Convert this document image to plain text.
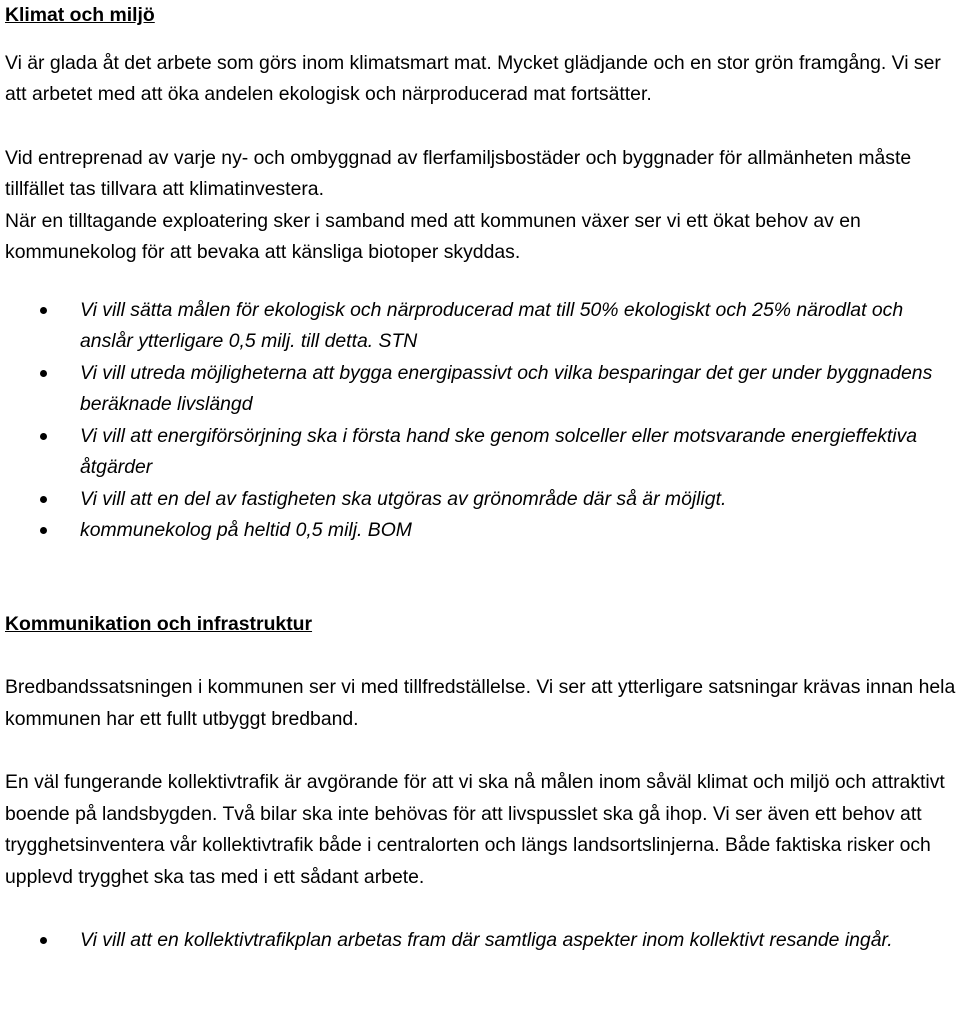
Klimat och miljö

Vi är glada åt det arbete som görs inom klimatsmart mat. Mycket glädjande och en stor grön framgång. Vi ser att arbetet med att öka andelen ekologisk och närproducerad mat fortsätter.

Vid entreprenad av varje ny- och ombyggnad av flerfamiljsbostäder och byggnader för allmänheten måste tillfället tas tillvara att klimatinvestera.

När en tilltagande exploatering sker i samband med att kommunen växer ser vi ett ökat behov av en kommunekolog för att bevaka att känsliga biotoper skyddas.

Vi vill sätta målen för ekologisk och närproducerad mat till 50% ekologiskt och 25% närodlat och anslår ytterligare 0,5 milj. till detta. STN
Vi vill utreda möjligheterna att bygga energipassivt och vilka besparingar det ger under byggnadens beräknade livslängd
Vi vill att energiförsörjning ska i första hand ske genom solceller eller motsvarande energieffektiva åtgärder
Vi vill att en del av fastigheten ska utgöras av grönområde där så är möjligt.
kommunekolog på heltid 0,5 milj. BOM
Kommunikation och infrastruktur

Bredbandssatsningen i kommunen ser vi med tillfredställelse. Vi ser att ytterligare satsningar krävas innan hela kommunen har ett fullt utbyggt bredband.

En väl fungerande kollektivtrafik är avgörande för att vi ska nå målen inom såväl klimat och miljö och attraktivt boende på landsbygden. Två bilar ska inte behövas för att livspusslet ska gå ihop. Vi ser även ett behov att trygghetsinventera vår kollektivtrafik både i centralorten och längs landsortslinjerna. Både faktiska risker och upplevd trygghet ska tas med i ett sådant arbete.

Vi vill att en kollektivtrafikplan arbetas fram där samtliga aspekter inom kollektivt resande ingår.
